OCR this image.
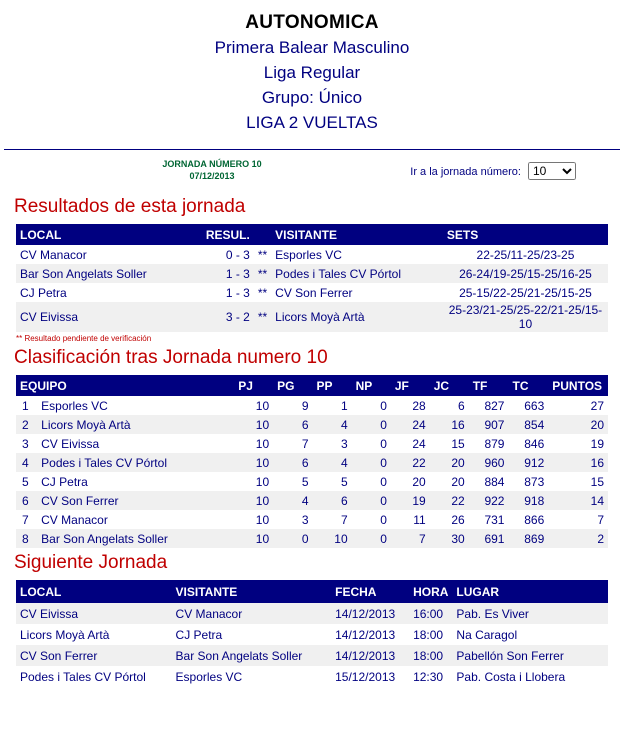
AUTONOMICA
Primera Balear Masculino
Liga Regular
Grupo: Único
LIGA 2 VUELTAS
JORNADA NÚMERO 10
07/12/2013	Ir a la jornada número:
10
Resultados de esta jornada
LOCAL	RESUL.		VISITANTE	SETS
CV Manacor	0 - 3	**	Esporles VC	22-25/11-25/23-25
Bar Son Angelats Soller	1 - 3	**	Podes i Tales CV Pórtol	26-24/19-25/15-25/16-25
CJ Petra	1 - 3	**	CV Son Ferrer	25-15/22-25/21-25/15-25
CV Eivissa	3 - 2	**	Licors Moyà Artà	25-23/21-25/25-22/21-25/15-10
** Resultado pendiente de verificación
Clasificación tras Jornada numero 10
EQUIPO		PJ	PG	PP	NP	JF	JC	TF	TC	PUNTOS
1	Esporles VC	10	9	1	0	28	6	827	663	27
2	Licors Moyà Artà	10	6	4	0	24	16	907	854	20
3	CV Eivissa	10	7	3	0	24	15	879	846	19
4	Podes i Tales CV Pórtol	10	6	4	0	22	20	960	912	16
5	CJ Petra	10	5	5	0	20	20	884	873	15
6	CV Son Ferrer	10	4	6	0	19	22	922	918	14
7	CV Manacor	10	3	7	0	11	26	731	866	7
8	Bar Son Angelats Soller	10	0	10	0	7	30	691	869	2
Siguiente Jornada
LOCAL	VISITANTE	FECHA	HORA	LUGAR
CV Eivissa	CV Manacor	14/12/2013	16:00	Pab. Es Viver
Licors Moyà Artà	CJ Petra	14/12/2013	18:00	Na Caragol
CV Son Ferrer	Bar Son Angelats Soller	14/12/2013	18:00	Pabellón Son Ferrer
Podes i Tales CV Pórtol	Esporles VC	15/12/2013	12:30	Pab. Costa i Llobera
